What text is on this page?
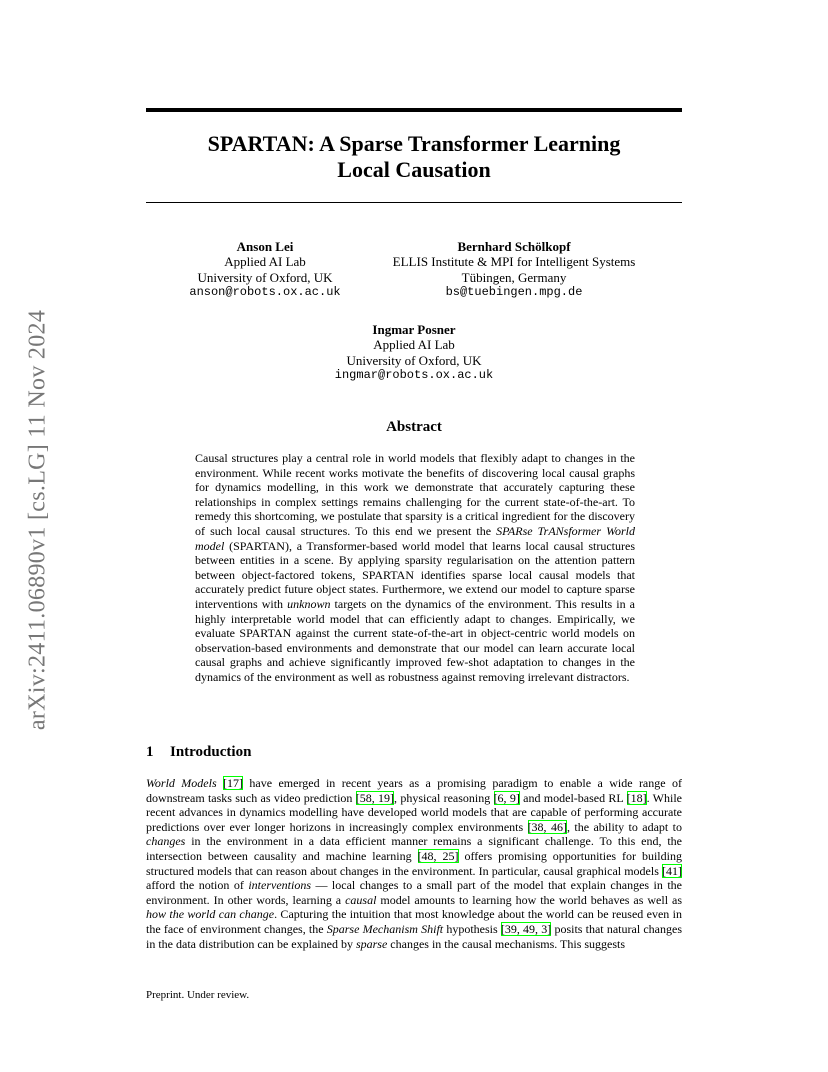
arXiv:2411.06890v1 [cs.LG] 11 Nov 2024
SPARTAN: A Sparse Transformer Learning
Local Causation
Anson Lei
Applied AI Lab
University of Oxford, UK
anson@robots.ox.ac.uk
Bernhard Schölkopf
ELLIS Institute & MPI for Intelligent Systems
Tübingen, Germany
bs@tuebingen.mpg.de
Ingmar Posner
Applied AI Lab
University of Oxford, UK
ingmar@robots.ox.ac.uk
Abstract
Causal structures play a central role in world models that flexibly adapt to changes in the environment. While recent works motivate the benefits of discovering local causal graphs for dynamics modelling, in this work we demonstrate that accurately capturing these relationships in complex settings remains challenging for the current state-of-the-art. To remedy this shortcoming, we postulate that sparsity is a critical ingredient for the discovery of such local causal structures. To this end we present the SPARse TrANsformer World model (SPARTAN), a Transformer-based world model that learns local causal structures between entities in a scene. By applying sparsity regularisation on the attention pattern between object-factored tokens, SPARTAN identifies sparse local causal models that accurately predict future object states. Furthermore, we extend our model to capture sparse interventions with unknown targets on the dynamics of the environment. This results in a highly interpretable world model that can efficiently adapt to changes. Empirically, we evaluate SPARTAN against the current state-of-the-art in object-centric world models on observation-based environments and demonstrate that our model can learn accurate local causal graphs and achieve significantly improved few-shot adaptation to changes in the dynamics of the environment as well as robustness against removing irrelevant distractors.
1 Introduction
World Models [17] have emerged in recent years as a promising paradigm to enable a wide range of downstream tasks such as video prediction [58, 19], physical reasoning [6, 9] and model-based RL [18]. While recent advances in dynamics modelling have developed world models that are capable of performing accurate predictions over ever longer horizons in increasingly complex environments [38, 46], the ability to adapt to changes in the environment in a data efficient manner remains a significant challenge. To this end, the intersection between causality and machine learning [48, 25] offers promising opportunities for building structured models that can reason about changes in the environment. In particular, causal graphical models [41] afford the notion of interventions — local changes to a small part of the model that explain changes in the environment. In other words, learning a causal model amounts to learning how the world behaves as well as how the world can change. Capturing the intuition that most knowledge about the world can be reused even in the face of environment changes, the Sparse Mechanism Shift hypothesis [39, 49, 3] posits that natural changes in the data distribution can be explained by sparse changes in the causal mechanisms. This suggests
Preprint. Under review.
